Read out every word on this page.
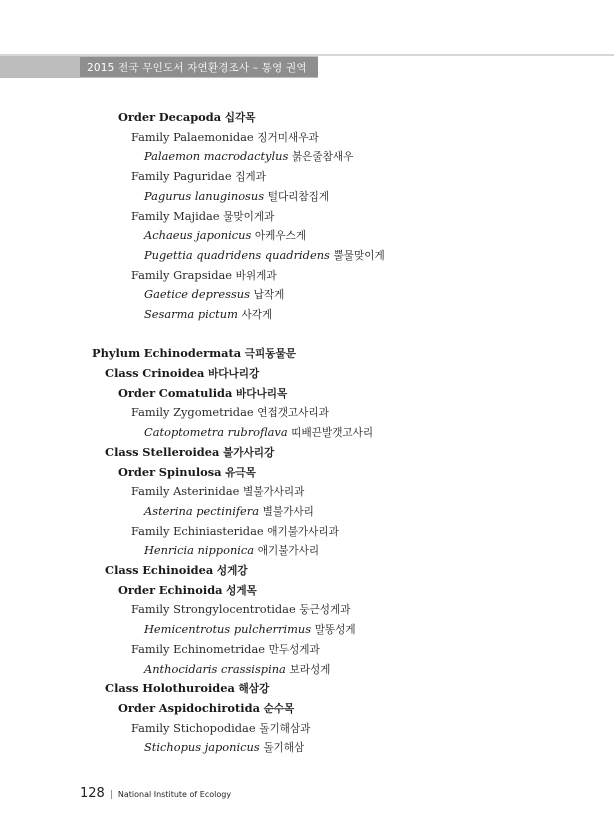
2015 전국 무인도서 자연환경조사 – 통영 권역
Order Decapoda 십각목
Family Palaemonidae 징거미새우과
Palaemon macrodactylus 붉은줄참새우
Family Paguridae 집게과
Pagurus lanuginosus 털다리참집게
Family Majidae 물맞이게과
Achaeus japonicus 아케우스게
Pugettia quadridens quadridens 뿔물맞이게
Family Grapsidae 바위게과
Gaetice depressus 납작게
Sesarma pictum 사각게
Phylum Echinodermata 극피동물문
Class Crinoidea 바다나리강
Order Comatulida 바다나리목
Family Zygometridae 연접갯고사리과
Catoptometra rubroflava 띠배끈발갯고사리
Class Stelleroidea 불가사리강
Order Spinulosa 유극목
Family Asterinidae 별불가사리과
Asterina pectinifera 별불가사리
Family Echiniasteridae 애기불가사리과
Henricia nipponica 애기불가사리
Class Echinoidea 성게강
Order Echinoida 성게목
Family Strongylocentrotidae 둥근성게과
Hemicentrotus pulcherrimus 말똥성게
Family Echinometridae 만두성게과
Anthocidaris crassispina 보라성게
Class Holothuroidea 해삼강
Order Aspidochirotida 순수목
Family Stichopodidae 돌기해삼과
Stichopus japonicus 돌기해삼
128 | National Institute of Ecology
